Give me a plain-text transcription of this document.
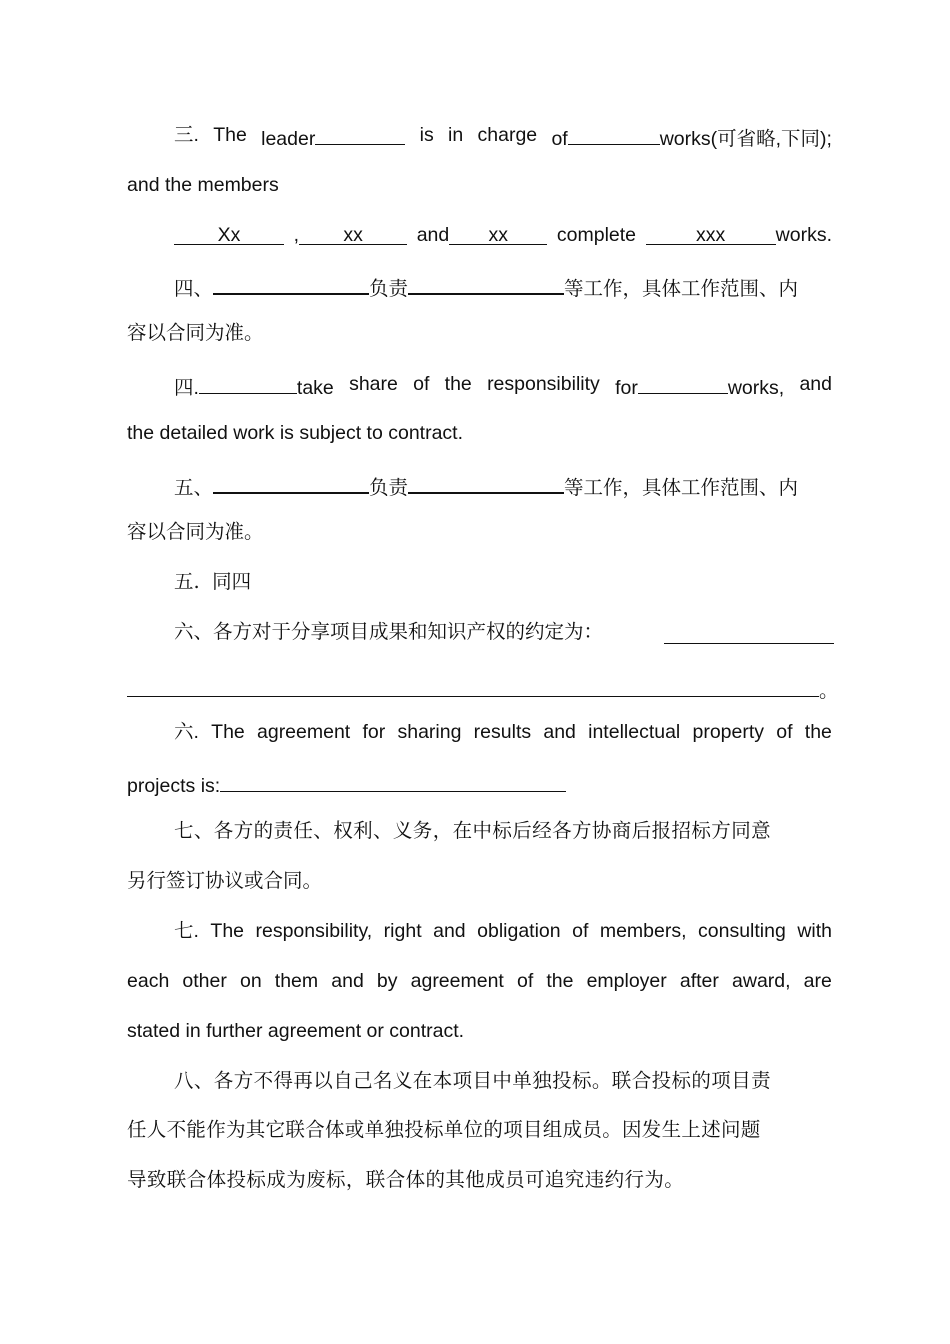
三. The leader	is in charge of	works(可省略,下同);
and the members
Xx	, xx	and xx	complete	xxx	works.
四、	负责	等工作，具体工作范围、内
容以合同为准。
四.	take share of the responsibility for	works, and
the detailed work is subject to contract.
五、	负责	等工作，具体工作范围、内
容以合同为准。
五.  同四
六、各方对于分享项目成果和知识产权的约定为：
。
六. The agreement for sharing results and intellectual property of the
projects is:
七、各方的责任、权利、义务，在中标后经各方协商后报招标方同意
另行签订协议或合同。
七. The responsibility, right and obligation of members, consulting with
each other on them and by agreement of the employer after award, are
stated in further agreement or contract.
八、各方不得再以自己名义在本项目中单独投标。联合投标的项目责
任人不能作为其它联合体或单独投标单位的项目组成员。因发生上述问题
导致联合体投标成为废标，联合体的其他成员可追究违约行为。
